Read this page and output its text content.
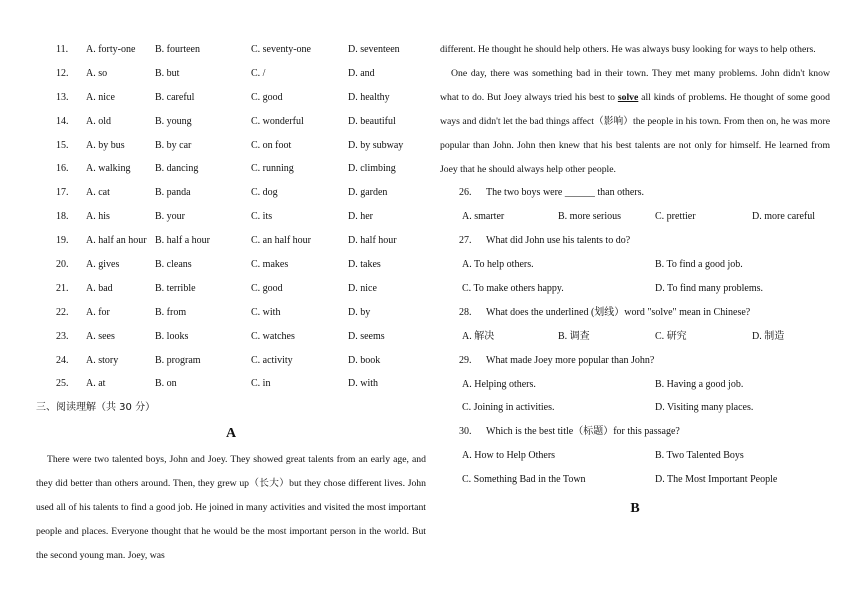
11. A. forty-one B. fourteen	C. seventy-one	D. seventeen
12. A. so	B. but	C. /	D. and
13. A. nice	B. careful	C. good	D. healthy
14. A. old	B. young	C. wonderful	D. beautiful
15. A. by bus	B. by car	C. on foot	D. by subway
16. A. walking B. dancing	C. running	D. climbing
17. A. cat	B. panda	C. dog	D. garden
18. A. his	B. your	C. its	D. her
19. A. half an hour B. half a hour	C. an half hour	D. half hour
20. A. gives	B. cleans	C. makes	D. takes
21. A. bad	B. terrible	C. good	D. nice
22. A. for	B. from	C. with	D. by
23. A. sees	B. looks	C. watches	D. seems
24. A. story	B. program	C. activity	D. book
25. A. at	B. on	C. in	D. with
三、阅读理解（共 30 分）
A

There were two talented boys, John and Joey. They showed great talents from an early age, and they did better than others around. Then, they grew up（长大）but they chose different lives. John used all of his talents to find a good job. He joined in many activities and visited the most important people and places. Everyone thought that he would be the most important person in the world. But the second young man. Joey, was

different. He thought he should help others. He was always busy looking for ways to help others.

One day, there was something bad in their town. They met many problems. John didn't know what to do. But Joey always tried his best to solve all kinds of problems. He thought of some good ways and didn't let the bad things affect（影响）the people in his town. From then on, he was more popular than John. John then knew that his best talents are not only for himself. He learned from Joey that he should always help other people.

26. The two boys were ______ than others.
A. smarter	B. more serious	C. prettier	D. more careful
27. What did John use his talents to do?
A. To help others.	B. To find a good job.
C. To make others happy.	D. To find many problems.
28. What does the underlined (划线）word "solve" mean in Chinese?
A. 解决	B. 调查	C. 研究	D. 制造
29. What made Joey more popular than John?
A. Helping others.	B. Having a good job.
C. Joining in activities.	D. Visiting many places.
30. Which is the best title（标题）for this passage?
A. How to Help Others	B. Two Talented Boys
C. Something Bad in the Town	D. The Most Important People
B
